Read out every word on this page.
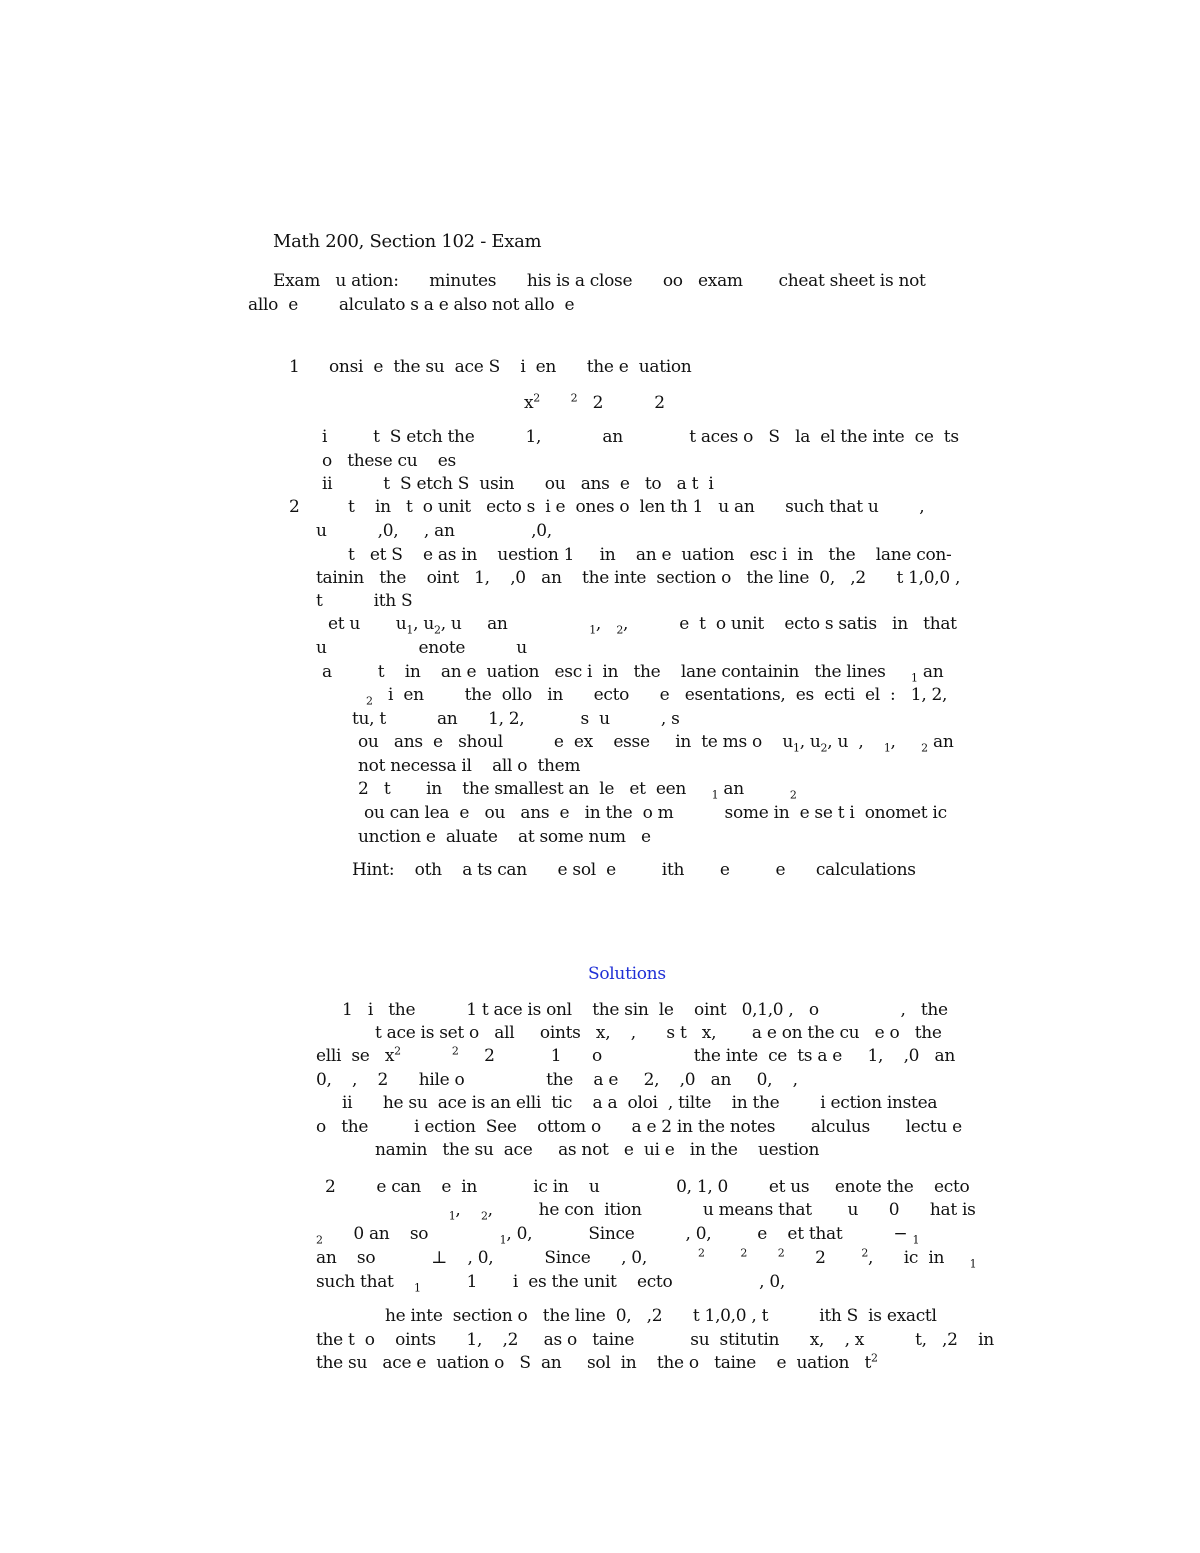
Math 200, Section 102 - Exam
Exam   u ation:      minutes      his is a close      oo   exam       cheat sheet is not
allo  e        alculato s a e also not allo  e
1 onsi  e  the su  ace S    i  en      the e  uation
$x^2$	$^2$   2          2
i         t  S etch the          1,            an             t aces o   S   la  el the inte  ce  ts
o   these cu    es
ii          t  S etch S  usin      ou   ans  e   to   a t  i
2	t    in   t  o unit   ecto s  i e  ones o  len th 1   u an      such that u        ,
u          ,0,     , an               ,0,
t   et S    e as in    uestion 1     in    an e  uation   esc i  in   the    lane con-
tainin   the    oint   1,    ,0   an    the inte  section o   the line  0,   ,2      t 1,0,0 ,
t          ith S
et u       $u_1$, $u_2$, u     an                $_1$,   $_2$,          e  t  o unit    ecto s satis   in   that
u                  enote          u
a         t    in    an e  uation   esc i  in   the    lane containin   the lines     $_1$ an
$_2$   i  en        the  ollo   in      ecto      e   esentations,  es  ecti  el  :   1, 2,
tu, t          an      1, 2,           s  u          , s
ou   ans  e   shoul          e  ex    esse     in  te ms o    $u_1$, $u_2$, u  ,    $_1$,     $_2$ an
not necessa il    all o  them
2   t       in    the smallest an  le   et  een     $_1$ an         $_2$
ou can lea  e   ou   ans  e   in the  o m          some in  e se t i  onomet ic
unction e  aluate    at some num   e
Hint:    oth    a ts can      e sol  e         ith       e         e      calculations
Solutions
1   i   the          1 t ace is onl    the sin  le    oint   0,1,0 ,   o                ,   the
t ace is set o   all     oints   x,    ,      s t   x,       a e on the cu   e o   the
elli  se   $x^2$	$^2$     2           1      o                  the inte  ce  ts a e     1,    ,0   an
0,    ,    2      hile o                the    a e     2,    ,0   an     0,    ,
ii      he su  ace is an elli  tic    a a  oloi  , tilte    in the        i ection instea
o   the         i ection  See    ottom o      a e 2 in the notes       alculus       lectu e
namin   the su  ace     as not   e  ui e   in the    uestion
2        e can    e  in           ic in    u               0, 1, 0        et us     enote the    ecto
$_1$,    $_2$,         he con  ition            u means that       u      0      hat is
$_2$      0 an    so              $_1$, 0,           Since          , 0,         e    et that          − $_1$
an    so           ⊥    , 0,          Since      , 0,          $^2$	$^2$	$^2$      2       $^2$,      ic  in     $_1$
such that    $_1$         1       i  es the unit    ecto                 , 0,
he inte  section o   the line  0,   ,2      t 1,0,0 , t          ith S  is exactl
the t  o    oints      1,    ,2     as o   taine           su  stitutin      x,    , x          t,   ,2    in
the su   ace e  uation o   S  an     sol  in    the o   taine    e  uation   $t^2$
